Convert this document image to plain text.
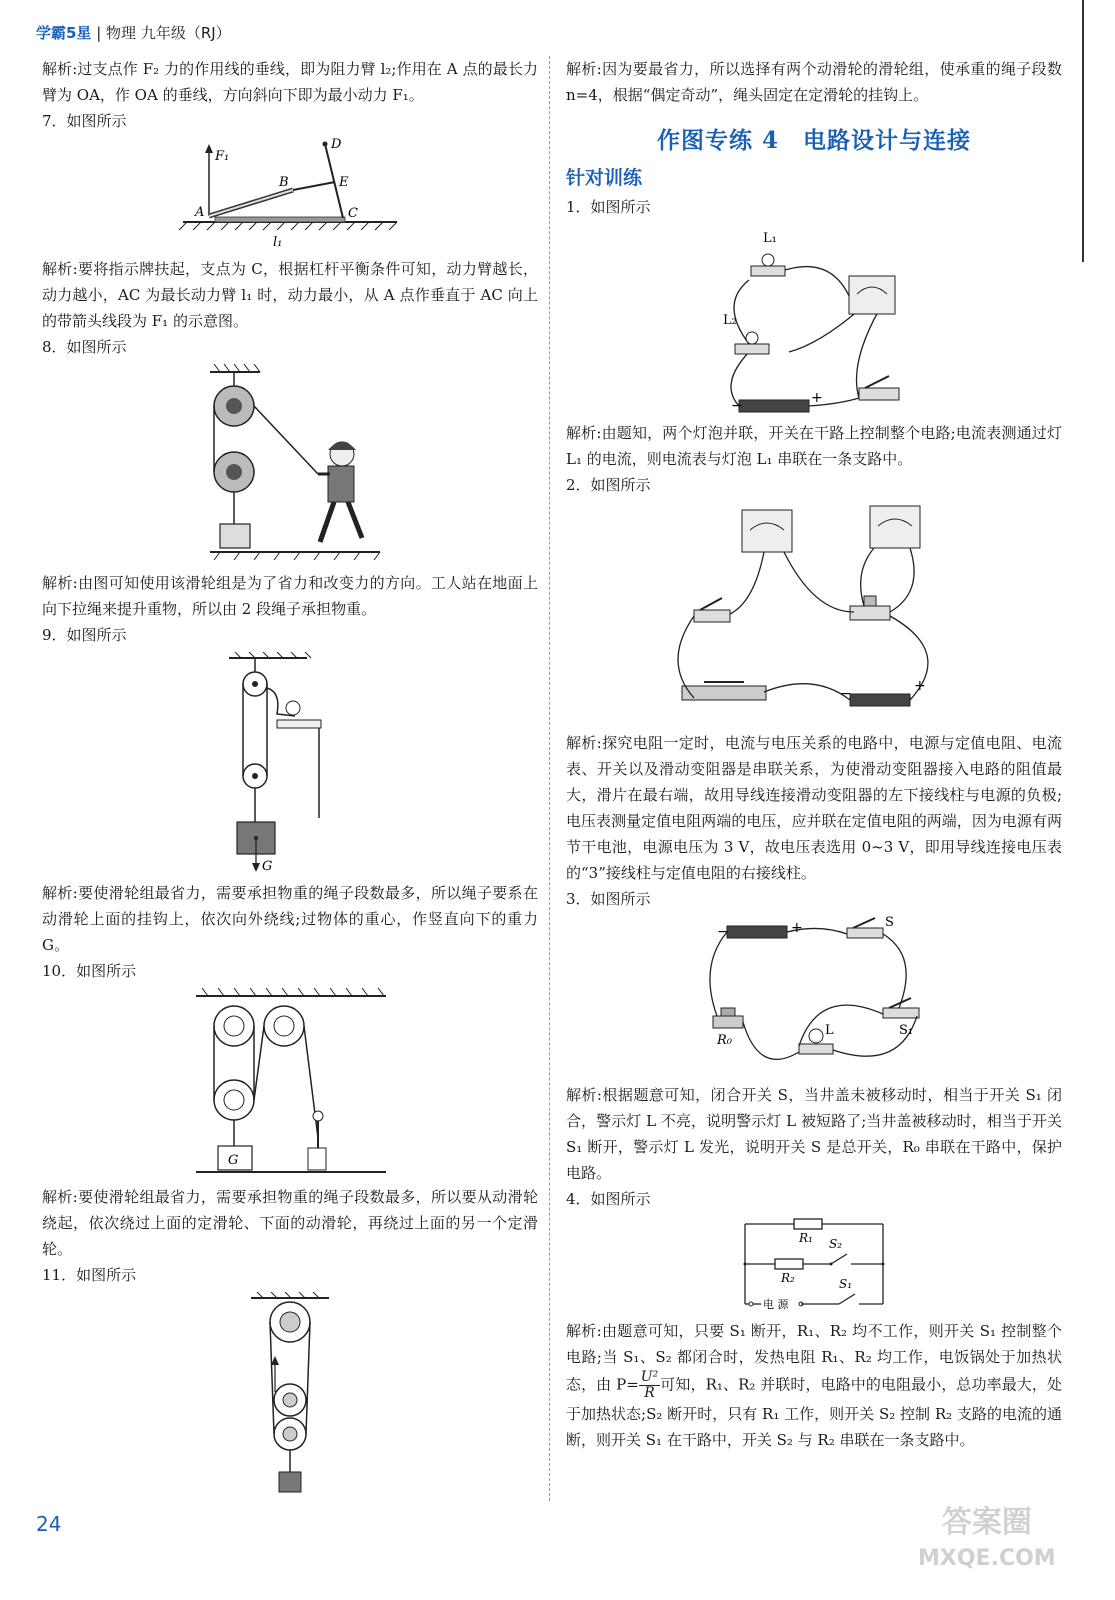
学霸5星 | 物理 九年级（RJ）

解析:过支点作 F₂ 力的作用线的垂线，即为阻力臂 l₂;作用在 A 点的最长力臂为 OA，作 OA 的垂线，方向斜向下即为最小动力 F₁。

7．如图所示

F₁
A
B
C
D
E
l₁

解析:要将指示牌扶起，支点为 C，根据杠杆平衡条件可知，动力臂越长，动力越小，AC 为最长动力臂 l₁ 时，动力最小，从 A 点作垂直于 AC 向上的带箭头线段为 F₁ 的示意图。

8．如图所示

解析:由图可知使用该滑轮组是为了省力和改变力的方向。工人站在地面上向下拉绳来提升重物，所以由 2 段绳子承担物重。

9．如图所示

G

解析:要使滑轮组最省力，需要承担物重的绳子段数最多，所以绳子要系在动滑轮上面的挂钩上，依次向外绕线;过物体的重心，作竖直向下的重力 G。

10．如图所示

G

解析:要使滑轮组最省力，需要承担物重的绳子段数最多，所以要从动滑轮绕起，依次绕过上面的定滑轮、下面的动滑轮，再绕过上面的另一个定滑轮。

11．如图所示

解析:因为要最省力，所以选择有两个动滑轮的滑轮组，使承重的绳子段数 n=4，根据“偶定奇动”，绳头固定在定滑轮的挂钩上。

作图专练 4　电路设计与连接
针对训练

1．如图所示

L₁
L₂
−	+

解析:由题知，两个灯泡并联，开关在干路上控制整个电路;电流表测通过灯 L₁ 的电流，则电流表与灯泡 L₁ 串联在一条支路中。

2．如图所示

−	+

解析:探究电阻一定时，电流与电压关系的电路中，电源与定值电阻、电流表、开关以及滑动变阻器是串联关系，为使滑动变阻器接入电路的阻值最大，滑片在最右端，故用导线连接滑动变阻器的左下接线柱与电源的负极;电压表测量定值电阻两端的电压，应并联在定值电阻的两端，因为电源有两节干电池，电源电压为 3 V，故电压表选用 0~3 V，即用导线连接电压表的“3”接线柱与定值电阻的右接线柱。

3．如图所示

−	+	S
S₁
R₀
L

解析:根据题意可知，闭合开关 S，当井盖未被移动时，相当于开关 S₁ 闭合，警示灯 L 不亮，说明警示灯 L 被短路了;当井盖被移动时，相当于开关 S₁ 断开，警示灯 L 发光，说明开关 S 是总开关，R₀ 串联在干路中，保护电路。

4．如图所示

R₁ S₂
R₂	S₁
电 源

解析:由题意可知，只要 S₁ 断开，R₁、R₂ 均不工作，则开关 S₁ 控制整个电路;当 S₁、S₂ 都闭合时，发热电阻 R₁、R₂ 均工作，电饭锅处于加热状态，由 $P= \frac{\text{U²}}{R}$ 可知，R₁、R₂ 并联时，电路中的电阻最小，总功率最大，处于加热状态;S₂ 断开时，只有 R₁ 工作，则开关 S₂ 控制 R₂ 支路的电流的通断，则开关 S₁ 在干路中，开关 S₂ 与 R₂ 串联在一条支路中。

24	答案圈
MXQE.COM
